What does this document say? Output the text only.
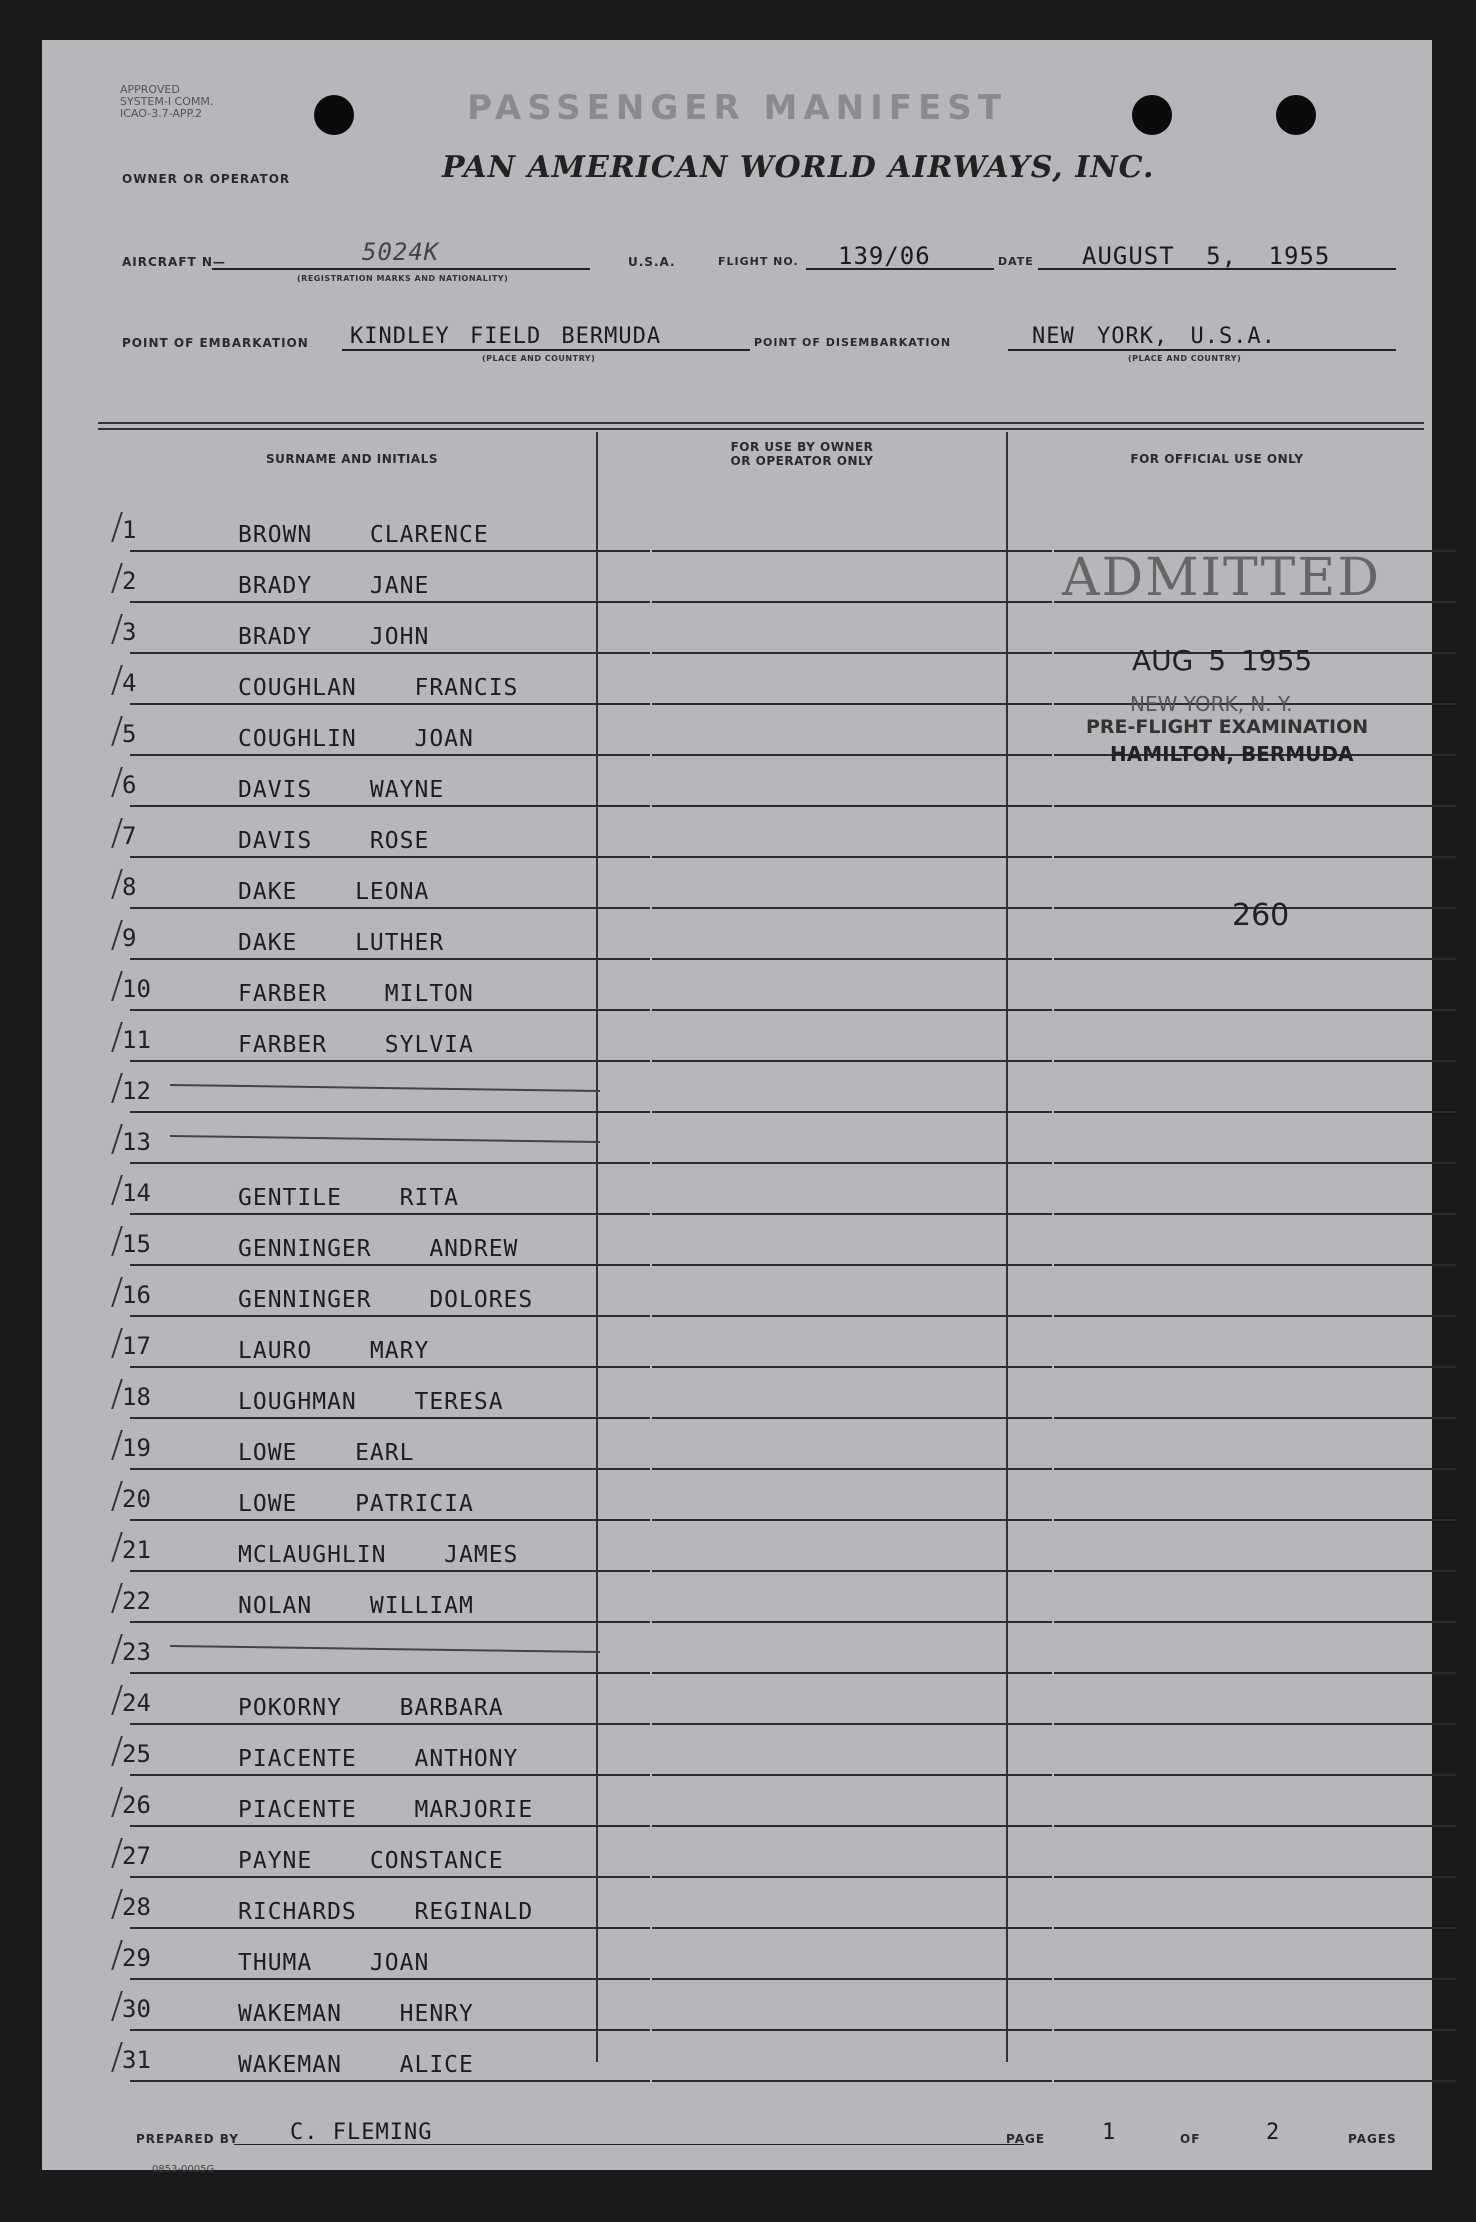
APPROVED
SYSTEM-I COMM.
ICAO-3.7-APP.2	PASSENGER MANIFEST
OWNER OR OPERATOR	PAN AMERICAN WORLD AIRWAYS, INC.
AIRCRAFT N—	5024K
(REGISTRATION MARKS AND NATIONALITY)
U.S.A.	FLIGHT NO. 139/06	DATE AUGUST 5, 1955
POINT OF EMBARKATION KINDLEY FIELD BERMUDA
(PLACE AND COUNTRY)
POINT OF DISEMBARKATION	NEW YORK, U.S.A.
(PLACE AND COUNTRY)
SURNAME AND INITIALS
FOR USE BY OWNER
OR OPERATOR ONLY	FOR OFFICIAL USE ONLY
1	BROWN  CLARENCE
2	BRADY  JANE
3	BRADY  JOHN
4	COUGHLAN  FRANCIS
5	COUGHLIN  JOAN
6	DAVIS  WAYNE
7	DAVIS  ROSE
8	DAKE  LEONA
9	DAKE  LUTHER
10	FARBER  MILTON
11	FARBER  SYLVIA
12
13
14	GENTILE  RITA
15	GENNINGER  ANDREW
16	GENNINGER  DOLORES
17	LAURO  MARY
18	LOUGHMAN  TERESA
19	LOWE  EARL
20	LOWE  PATRICIA
21	MCLAUGHLIN  JAMES
22	NOLAN  WILLIAM
23
24	POKORNY  BARBARA
25	PIACENTE  ANTHONY
26	PIACENTE  MARJORIE
27	PAYNE  CONSTANCE
28	RICHARDS  REGINALD
29	THUMA  JOAN
30	WAKEMAN  HENRY
31	WAKEMAN  ALICE
ADMITTED
AUG 5 1955
NEW YORK, N. Y.
PRE-FLIGHT EXAMINATION
HAMILTON, BERMUDA
260
PREPARED BY C. FLEMING	PAGE	1	OF	2	PAGES
0853-0005G
